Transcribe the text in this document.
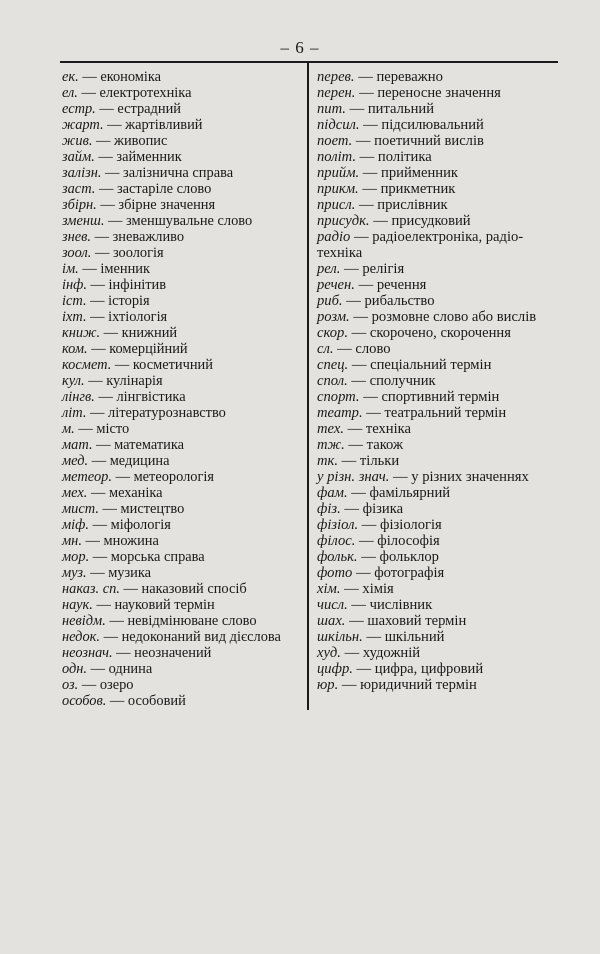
– 6 –
ек. — економіка
ел. — електротехніка
естр. — естрадний
жарт. — жартівливий
жив. — живопис
займ. — займенник
залізн. — залізнична справа
заст. — застаріле слово
збірн. — збірне значення
зменш. — зменшувальне слово
знев. — зневажливо
зоол. — зоологія
ім. — іменник
інф. — інфінітив
іст. — історія
іхт. — іхтіологія
книж. — книжний
ком. — комерційний
космет. — косметичний
кул. — кулінарія
лінгв. — лінгвістика
літ. — літературознавство
м. — місто
мат. — математика
мед. — медицина
метеор. — метеорологія
мех. — механіка
мист. — мистецтво
міф. — міфологія
мн. — множина
мор. — морська справа
муз. — музика
наказ. сп. — наказовий спосіб
наук. — науковий термін
невідм. — невідмінюване слово
недок. — недоконаний вид дієслова
неознач. — неозначений
одн. — однина
оз. — озеро
особов. — особовий
перев. — переважно
перен. — переносне значення
пит. — питальний
підсил. — підсилювальний
поет. — поетичний вислів
політ. — політика
прийм. — прийменник
прикм. — прикметник
присл. — прислівник
присудк. — присудковий
радіо — радіоелектроніка, радіо-
техніка
рел. — релігія
речен. — речення
риб. — рибальство
розм. — розмовне слово або вислів
скор. — скорочено, скорочення
сл. — слово
спец. — спеціальний термін
спол. — сполучник
спорт. — спортивний термін
театр. — театральний термін
тех. — техніка
тж. — також
тк. — тільки
у різн. знач. — у різних значеннях
фам. — фамільярний
фіз. — фізика
фізіол. — фізіологія
філос. — філософія
фольк. — фольклор
фото — фотографія
хім. — хімія
числ. — числівник
шах. — шаховий термін
шкільн. — шкільний
худ. — художній
цифр. — цифра, цифровий
юр. — юридичний термін
